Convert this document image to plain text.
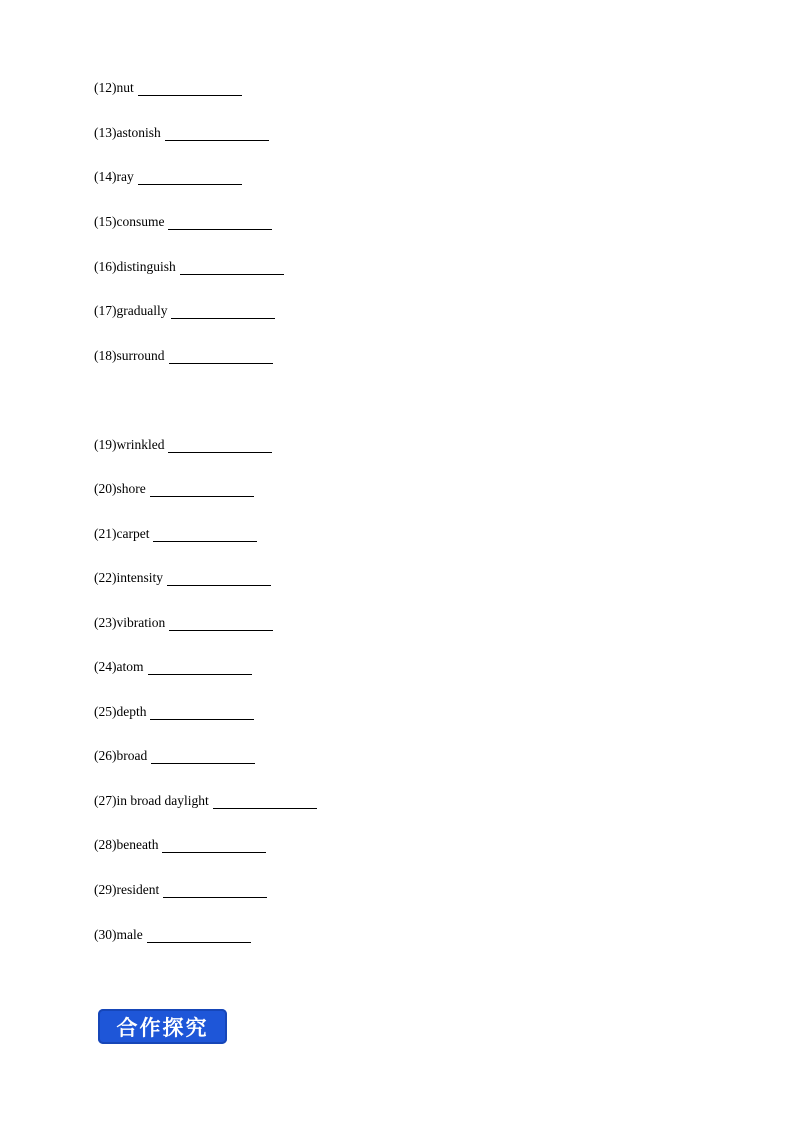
(12)nut
(13)astonish
(14)ray
(15)consume
(16)distinguish
(17)gradually
(18)surround
(19)wrinkled
(20)shore
(21)carpet
(22)intensity
(23)vibration
(24)atom
(25)depth
(26)broad
(27)in broad daylight
(28)beneath
(29)resident
(30)male
合作探究
